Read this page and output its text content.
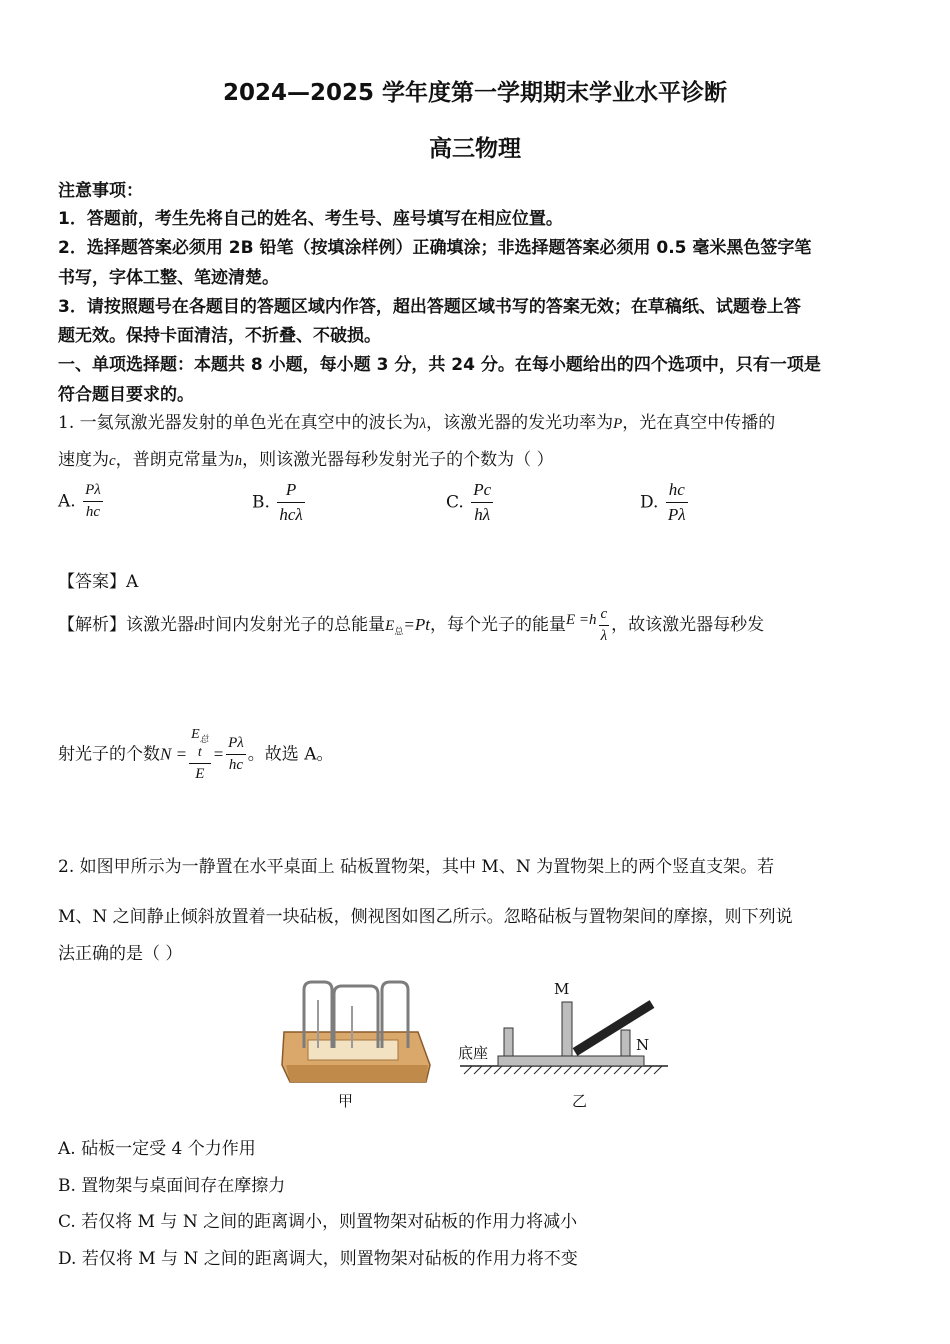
2024—2025 学年度第一学期期末学业水平诊断
高三物理
注意事项：
1．答题前，考生先将自己的姓名、考生号、座号填写在相应位置。
2．选择题答案必须用 2B 铅笔（按填涂样例）正确填涂；非选择题答案必须用 0.5 毫米黑色签字笔
书写，字体工整、笔迹清楚。
3．请按照题号在各题目的答题区域内作答，超出答题区域书写的答案无效；在草稿纸、试题卷上答
题无效。保持卡面清洁，不折叠、不破损。
一、单项选择题：本题共 8 小题，每小题 3 分，共 24 分。在每小题给出的四个选项中，只有一项是
符合题目要求的。
1. 一氦氖激光器发射的单色光在真空中的波长为λ，该激光器的发光功率为P，光在真空中传播的
速度为c，普朗克常量为h，则该激光器每秒发射光子的个数为（ ）
A. $\frac{P\lambda}{hc}$	B. $\frac{P}{\text{hcλ}}$	C. $\frac{Pc}{h\lambda}$	D. $\frac{hc}{P\lambda}$
【答案】A
【解析】该激光器t时间内发射光子的总能量$E_总=Pt$，每个光子的能量$E =h \frac{c}{\lambda}$ ，故该激光器每秒发
射光子的个数N =
$E_总$
t
E
= $\frac{P\lambda}{hc}$ 。故选 A。
2. 如图甲所示为一静置在水平桌面上 砧板置物架，其中 M、N 为置物架上的两个竖直支架。若
M、N 之间静止倾斜放置着一块砧板，侧视图如图乙所示。忽略砧板与置物架间的摩擦，则下列说
法正确的是（ ）
M
N
底座
甲	乙
A. 砧板一定受 4 个力作用
B. 置物架与桌面间存在摩擦力
C. 若仅将 M 与 N 之间的距离调小，则置物架对砧板的作用力将减小
D. 若仅将 M 与 N 之间的距离调大，则置物架对砧板的作用力将不变
